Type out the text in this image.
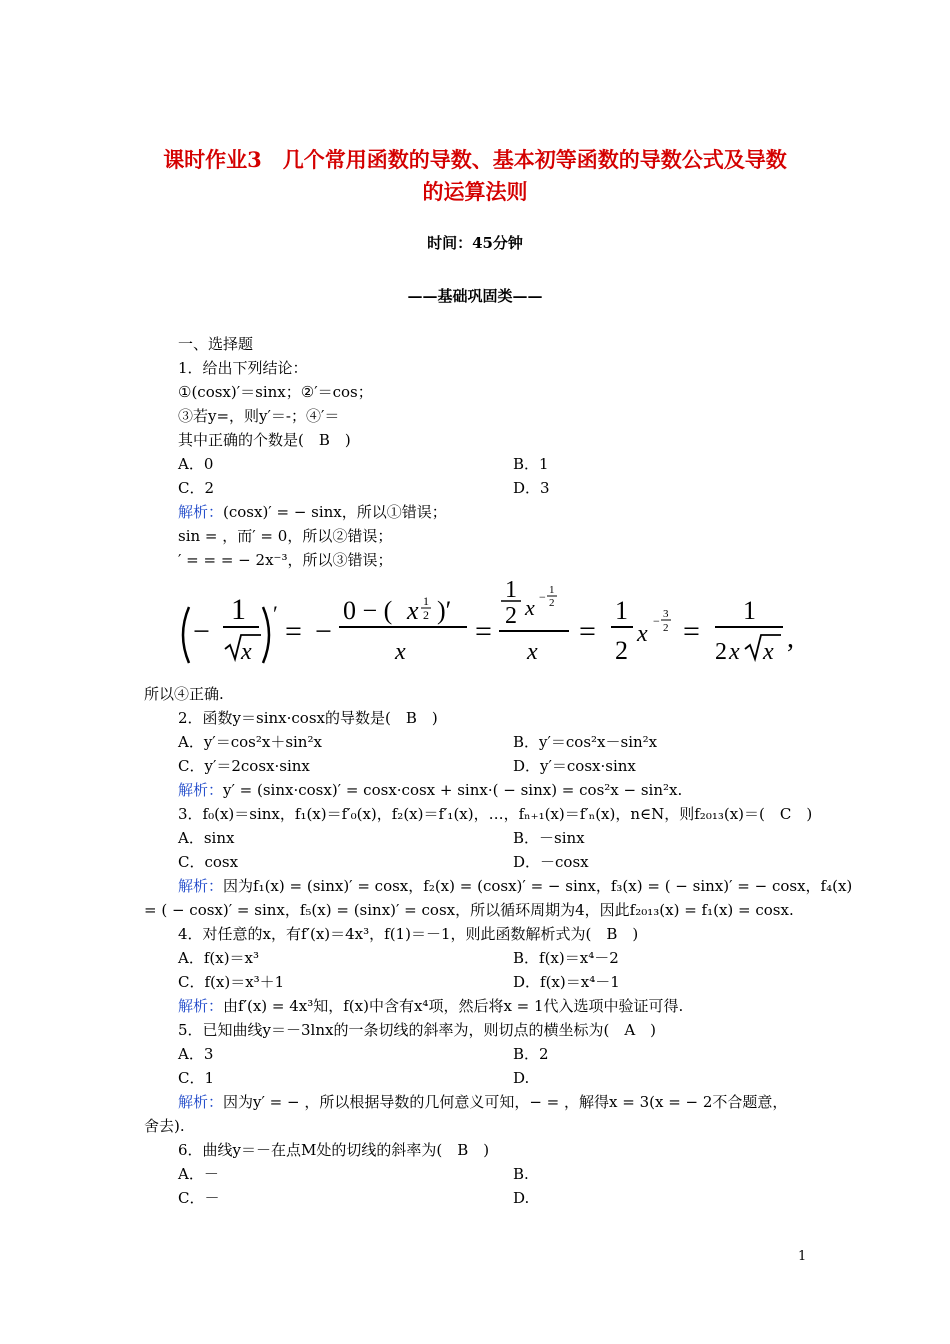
课时作业3　几个常用函数的导数、基本初等函数的导数公式及导数
的运算法则
时间：45分钟
——基础巩固类——
一、选择题
1．给出下列结论：
①(cosx)′＝sinx；②′＝cos；
③若y=，则y′＝-；④′＝
其中正确的个数是(　B　)
A．0	B．1
C．2	D．3
解析：(cosx)′ = − sinx，所以①错误；
sin = ，而′ = 0，所以②错误；
′ = = = − 2x⁻³，所以③错误；
−
1
x
′
= −
0 − ( x 1
2 )′
x
=
1
2 x − 1
2
x
=
1
2
x − 3
2 =
1
2 x x ,
所以④正确.
2．函数y＝sinx·cosx的导数是(　B　)
A．y′＝cos²x＋sin²x	B．y′＝cos²x－sin²x
C．y′＝2cosx·sinx	D．y′＝cosx·sinx
解析：y′ = (sinx·cosx)′ = cosx·cosx + sinx·( − sinx) = cos²x − sin²x.
3．f₀(x)＝sinx，f₁(x)＝f′₀(x)，f₂(x)＝f′₁(x)，…，fₙ₊₁(x)＝f′ₙ(x)，n∈N，则f₂₀₁₃(x)＝(　C　)
A．sinx	B．－sinx
C．cosx	D．－cosx
解析：因为f₁(x) = (sinx)′ = cosx，f₂(x) = (cosx)′ = − sinx，f₃(x) = ( − sinx)′ = − cosx，f₄(x)
= ( − cosx)′ = sinx，f₅(x) = (sinx)′ = cosx，所以循环周期为4，因此f₂₀₁₃(x) = f₁(x) = cosx.
4．对任意的x，有f′(x)＝4x³，f(1)＝－1，则此函数解析式为(　B　)
A．f(x)＝x³	B．f(x)＝x⁴－2
C．f(x)＝x³＋1	D．f(x)＝x⁴－1
解析：由f′(x) = 4x³知，f(x)中含有x⁴项，然后将x = 1代入选项中验证可得.
5．已知曲线y＝－3lnx的一条切线的斜率为，则切点的横坐标为(　A　)
A．3	B．2
C．1	D.
解析：因为y′ = − ，所以根据导数的几何意义可知，− = ，解得x = 3(x = − 2不合题意，
舍去).
6．曲线y＝－在点M处的切线的斜率为(　B　)
A．－	B.
C．－	D.
1
